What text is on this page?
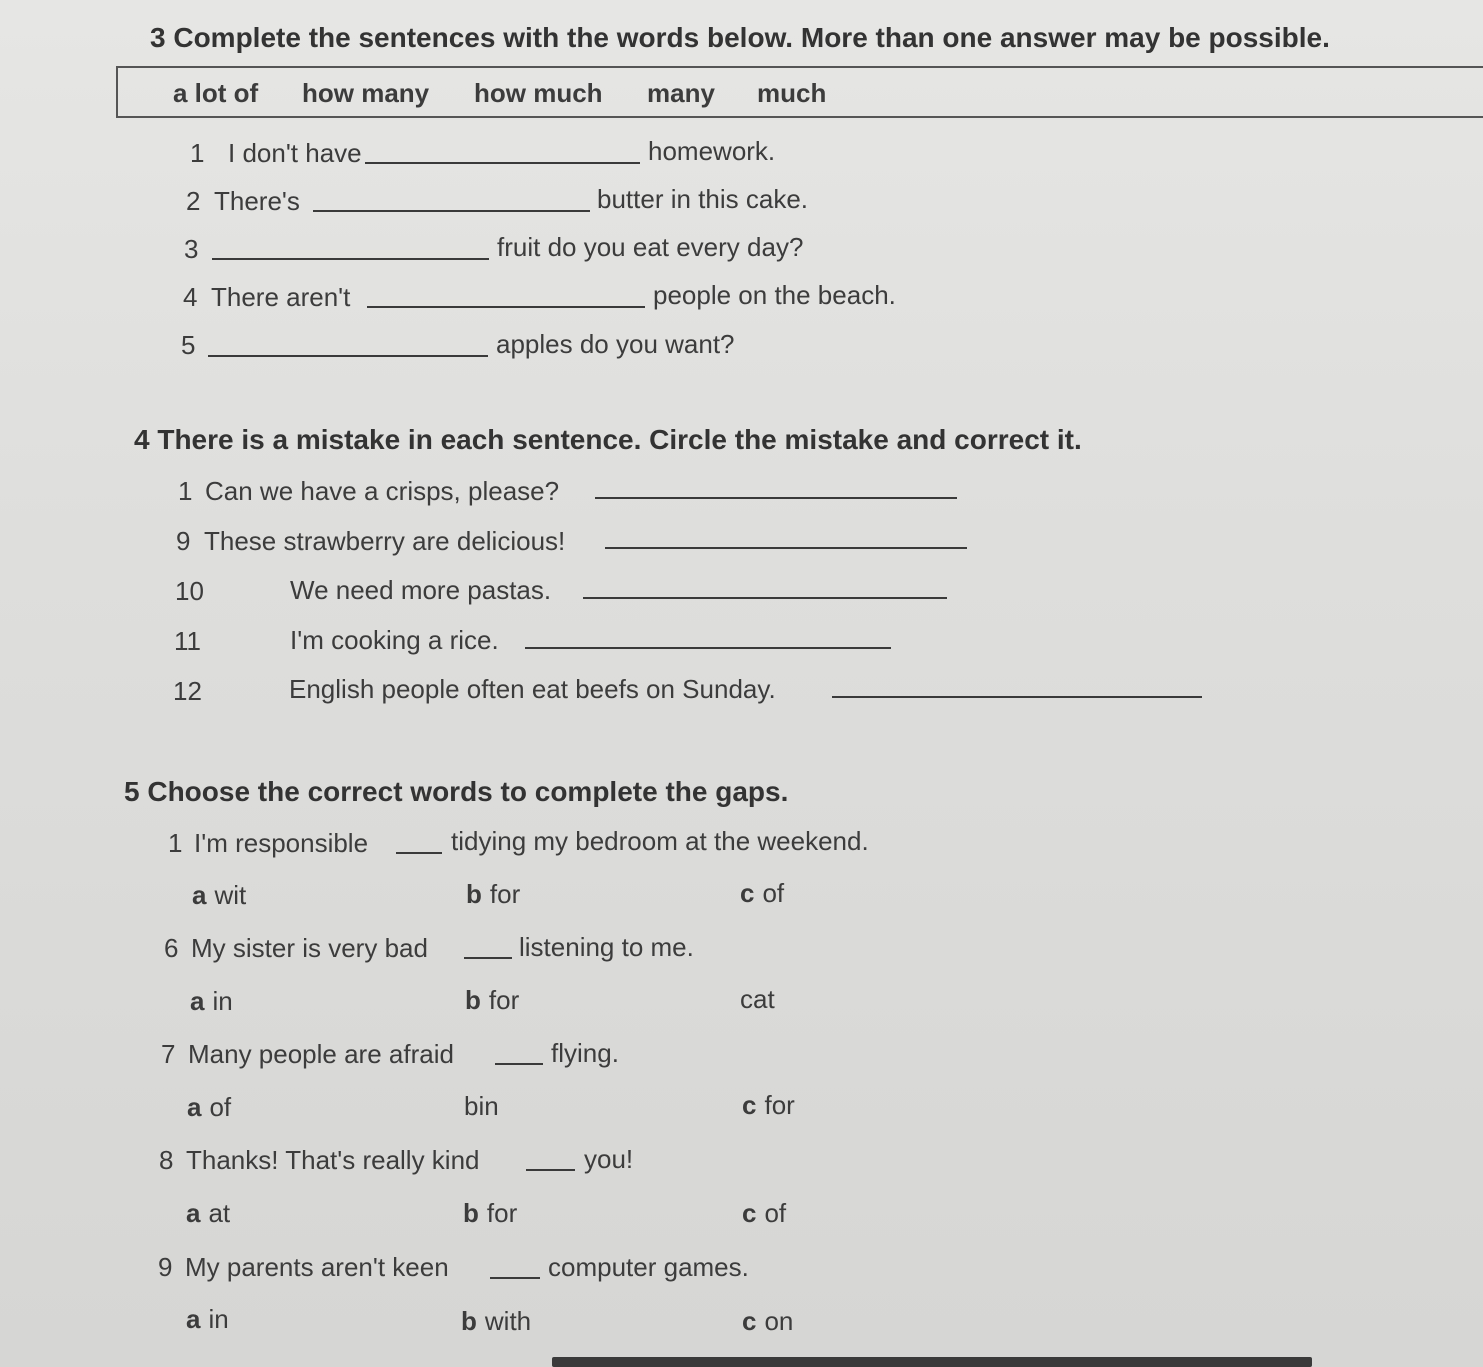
3 Complete the sentences with the words below. More than one answer may be possible.
a lot of how many how much many much
1 I don't have	homework.
2 There's	butter in this cake.
3	fruit do you eat every day?
4 There aren't	people on the beach.
5	apples do you want?
4 There is a mistake in each sentence. Circle the mistake and correct it.
1 Can we have a crisps, please?
9 These strawberry are delicious!
10	We need more pastas.
11	I'm cooking a rice.
12	English people often eat beefs on Sunday.
5 Choose the correct words to complete the gaps.
1 I'm responsible	tidying my bedroom at the weekend.
a wit	b for	c of
6 My sister is very bad	listening to me.
a in	b for	cat
7 Many people are afraid	flying.
a of	bin	c for
8 Thanks! That's really kind	you!
a at	b for	c of
9 My parents aren't keen	computer games.
a in	b with	c on
